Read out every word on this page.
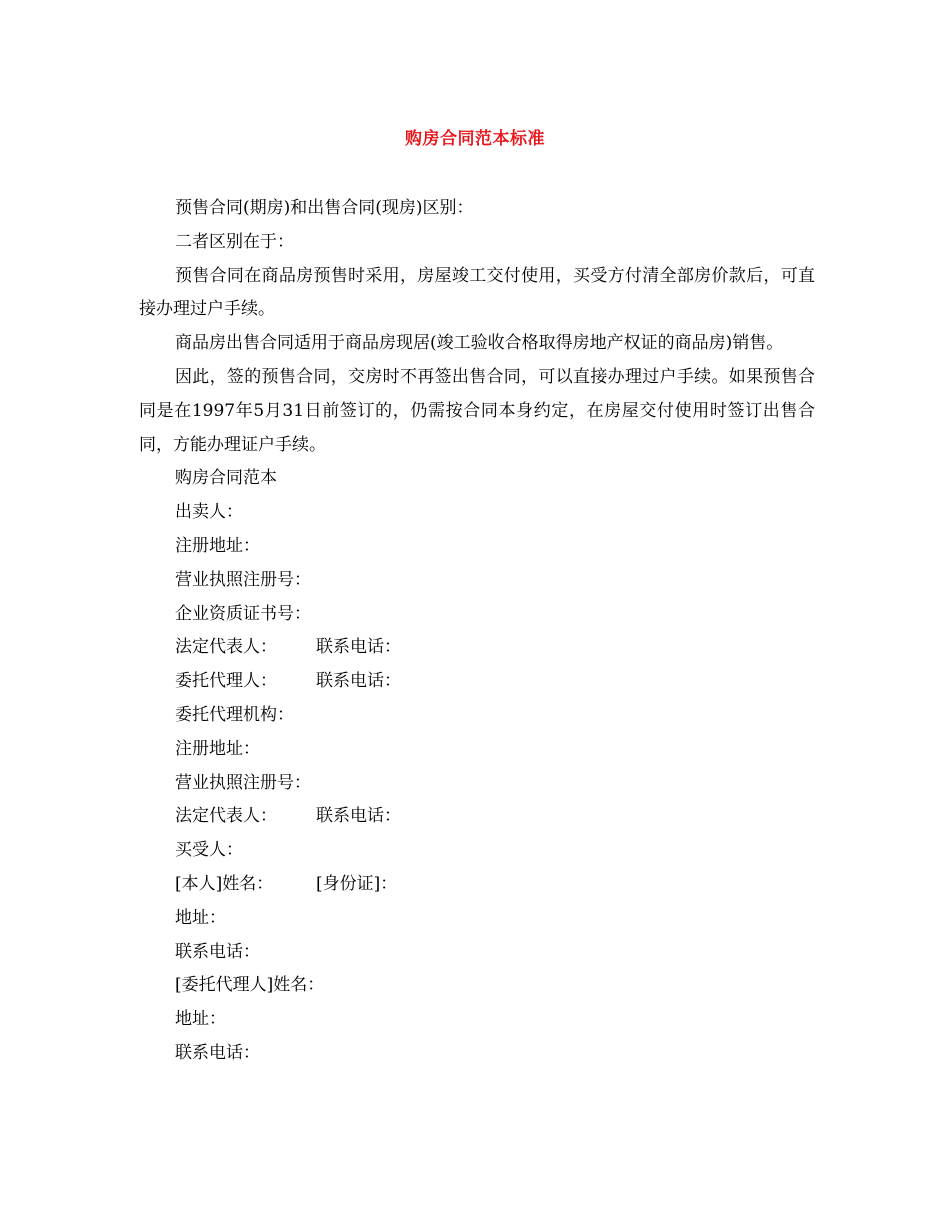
购房合同范本标准

预售合同(期房)和出售合同(现房)区别：

二者区别在于：

预售合同在商品房预售时采用，房屋竣工交付使用，买受方付清全部房价款后，可直接办理过户手续。

商品房出售合同适用于商品房现居(竣工验收合格取得房地产权证的商品房)销售。

因此，签的预售合同，交房时不再签出售合同，可以直接办理过户手续。如果预售合同是在1997年5月31日前签订的，仍需按合同本身约定，在房屋交付使用时签订出售合同，方能办理证户手续。

购房合同范本

出卖人：

注册地址：

营业执照注册号：

企业资质证书号：

法定代表人：	联系电话：
委托代理人：	联系电话：

委托代理机构：

注册地址：

营业执照注册号：

法定代表人：	联系电话：

买受人：

[本人]姓名：	[身份证]：

地址：

联系电话：

[委托代理人]姓名：

地址：

联系电话：
